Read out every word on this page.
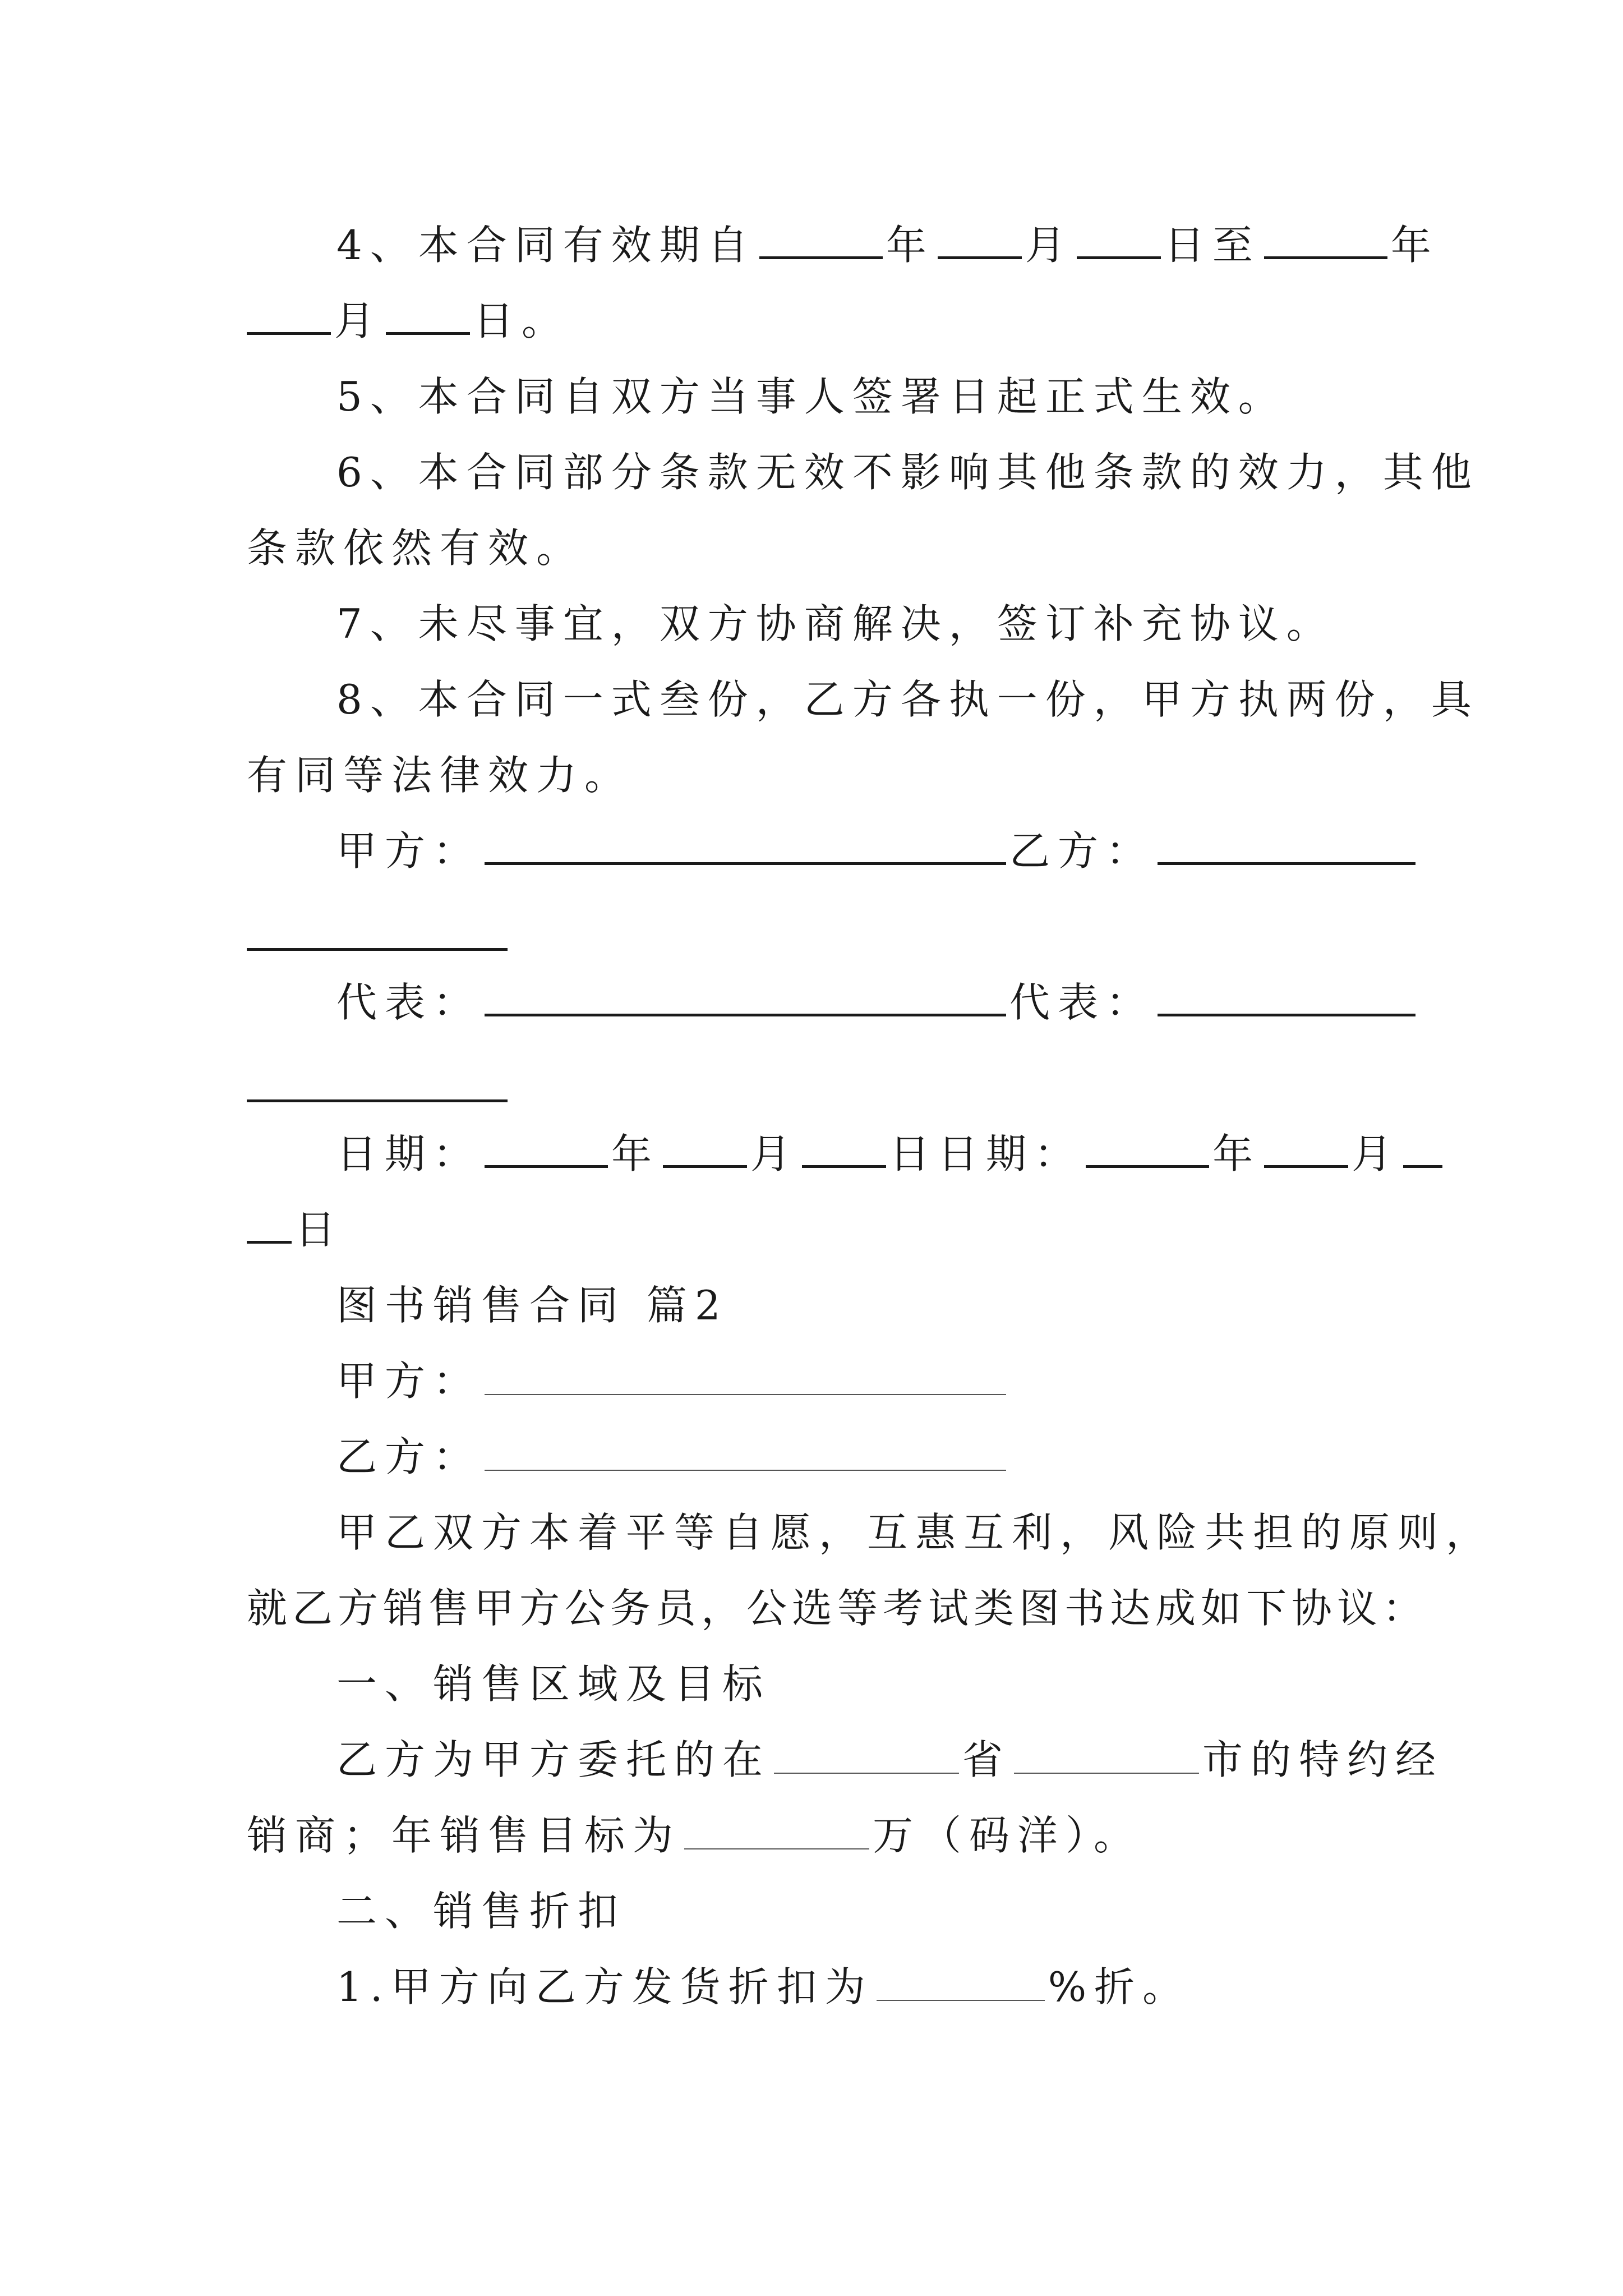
4、本合同有效期自	年 月 日至	年
月 日。
5、本合同自双方当事人签署日起正式生效。
6、本合同部分条款无效不影响其他条款的效力，其他
条款依然有效。
7、未尽事宜，双方协商解决，签订补充协议。
8、本合同一式叁份，乙方各执一份，甲方执两份，具
有同等法律效力。
甲方：	乙方：
代表：	代表：
日期：	年 月 日日期：	年 月
日
图书销售合同 篇2
甲方：
乙方：
甲乙双方本着平等自愿，互惠互利，风险共担的原则，
就乙方销售甲方公务员，公选等考试类图书达成如下协议：
一、销售区域及目标
乙方为甲方委托的在	省	市的特约经
销商；年销售目标为	万（码洋）。
二、销售折扣
1.甲方向乙方发货折扣为	%折。
